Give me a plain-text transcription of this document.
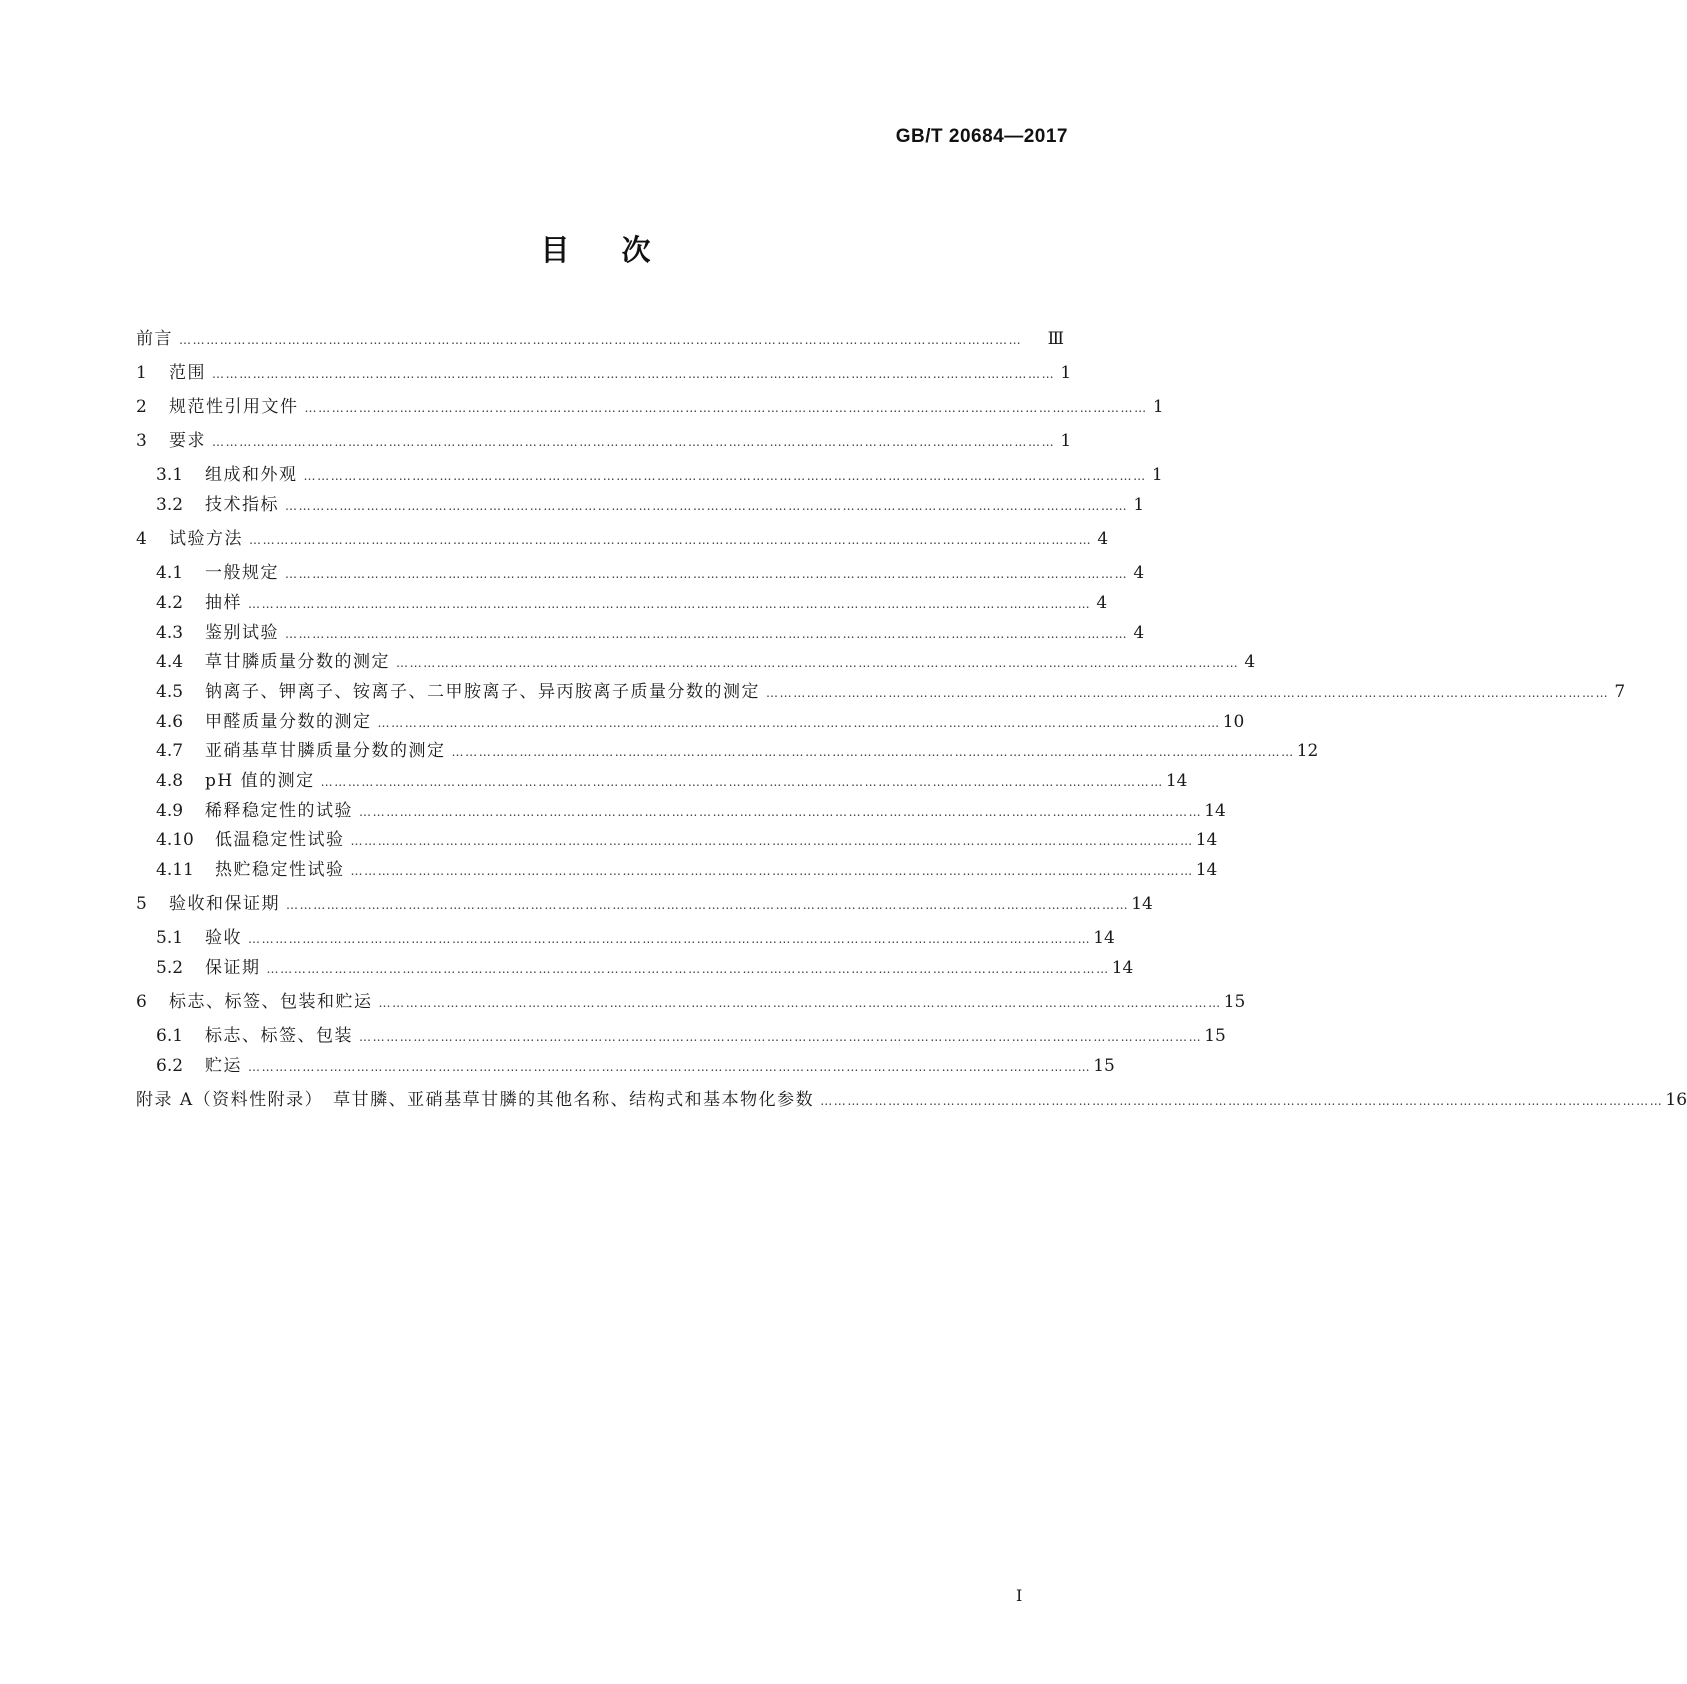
GB/T 20684—2017
目次
前言 ……………………………………………………………………………………………………………………………………………………………………	Ⅲ
1	范围 …………………………………………………………………………………………………………………………………………………………………… 1
2	规范性引用文件 …………………………………………………………………………………………………………………………………………………………………… 1
3	要求 …………………………………………………………………………………………………………………………………………………………………… 1
3.1	组成和外观 …………………………………………………………………………………………………………………………………………………………………… 1
3.2	技术指标 …………………………………………………………………………………………………………………………………………………………………… 1
4	试验方法 …………………………………………………………………………………………………………………………………………………………………… 4
4.1	一般规定 …………………………………………………………………………………………………………………………………………………………………… 4
4.2	抽样 …………………………………………………………………………………………………………………………………………………………………… 4
4.3	鉴别试验 …………………………………………………………………………………………………………………………………………………………………… 4
4.4	草甘膦质量分数的测定 …………………………………………………………………………………………………………………………………………………………………… 4
4.5	钠离子、钾离子、铵离子、二甲胺离子、异丙胺离子质量分数的测定 …………………………………………………………………………………………………………………………………………………………………… 7
4.6	甲醛质量分数的测定 …………………………………………………………………………………………………………………………………………………………………… 10
4.7	亚硝基草甘膦质量分数的测定 …………………………………………………………………………………………………………………………………………………………………… 12
4.8	pH 值的测定 …………………………………………………………………………………………………………………………………………………………………… 14
4.9	稀释稳定性的试验 …………………………………………………………………………………………………………………………………………………………………… 14
4.10	低温稳定性试验 …………………………………………………………………………………………………………………………………………………………………… 14
4.11	热贮稳定性试验 …………………………………………………………………………………………………………………………………………………………………… 14
5	验收和保证期 …………………………………………………………………………………………………………………………………………………………………… 14
5.1	验收 …………………………………………………………………………………………………………………………………………………………………… 14
5.2	保证期 …………………………………………………………………………………………………………………………………………………………………… 14
6	标志、标签、包装和贮运 …………………………………………………………………………………………………………………………………………………………………… 15
6.1	标志、标签、包装 …………………………………………………………………………………………………………………………………………………………………… 15
6.2	贮运 …………………………………………………………………………………………………………………………………………………………………… 15
附录 A（资料性附录）　草甘膦、亚硝基草甘膦的其他名称、结构式和基本物化参数 …………………………………………………………………………………………………………………………………………………………………… 16
I
